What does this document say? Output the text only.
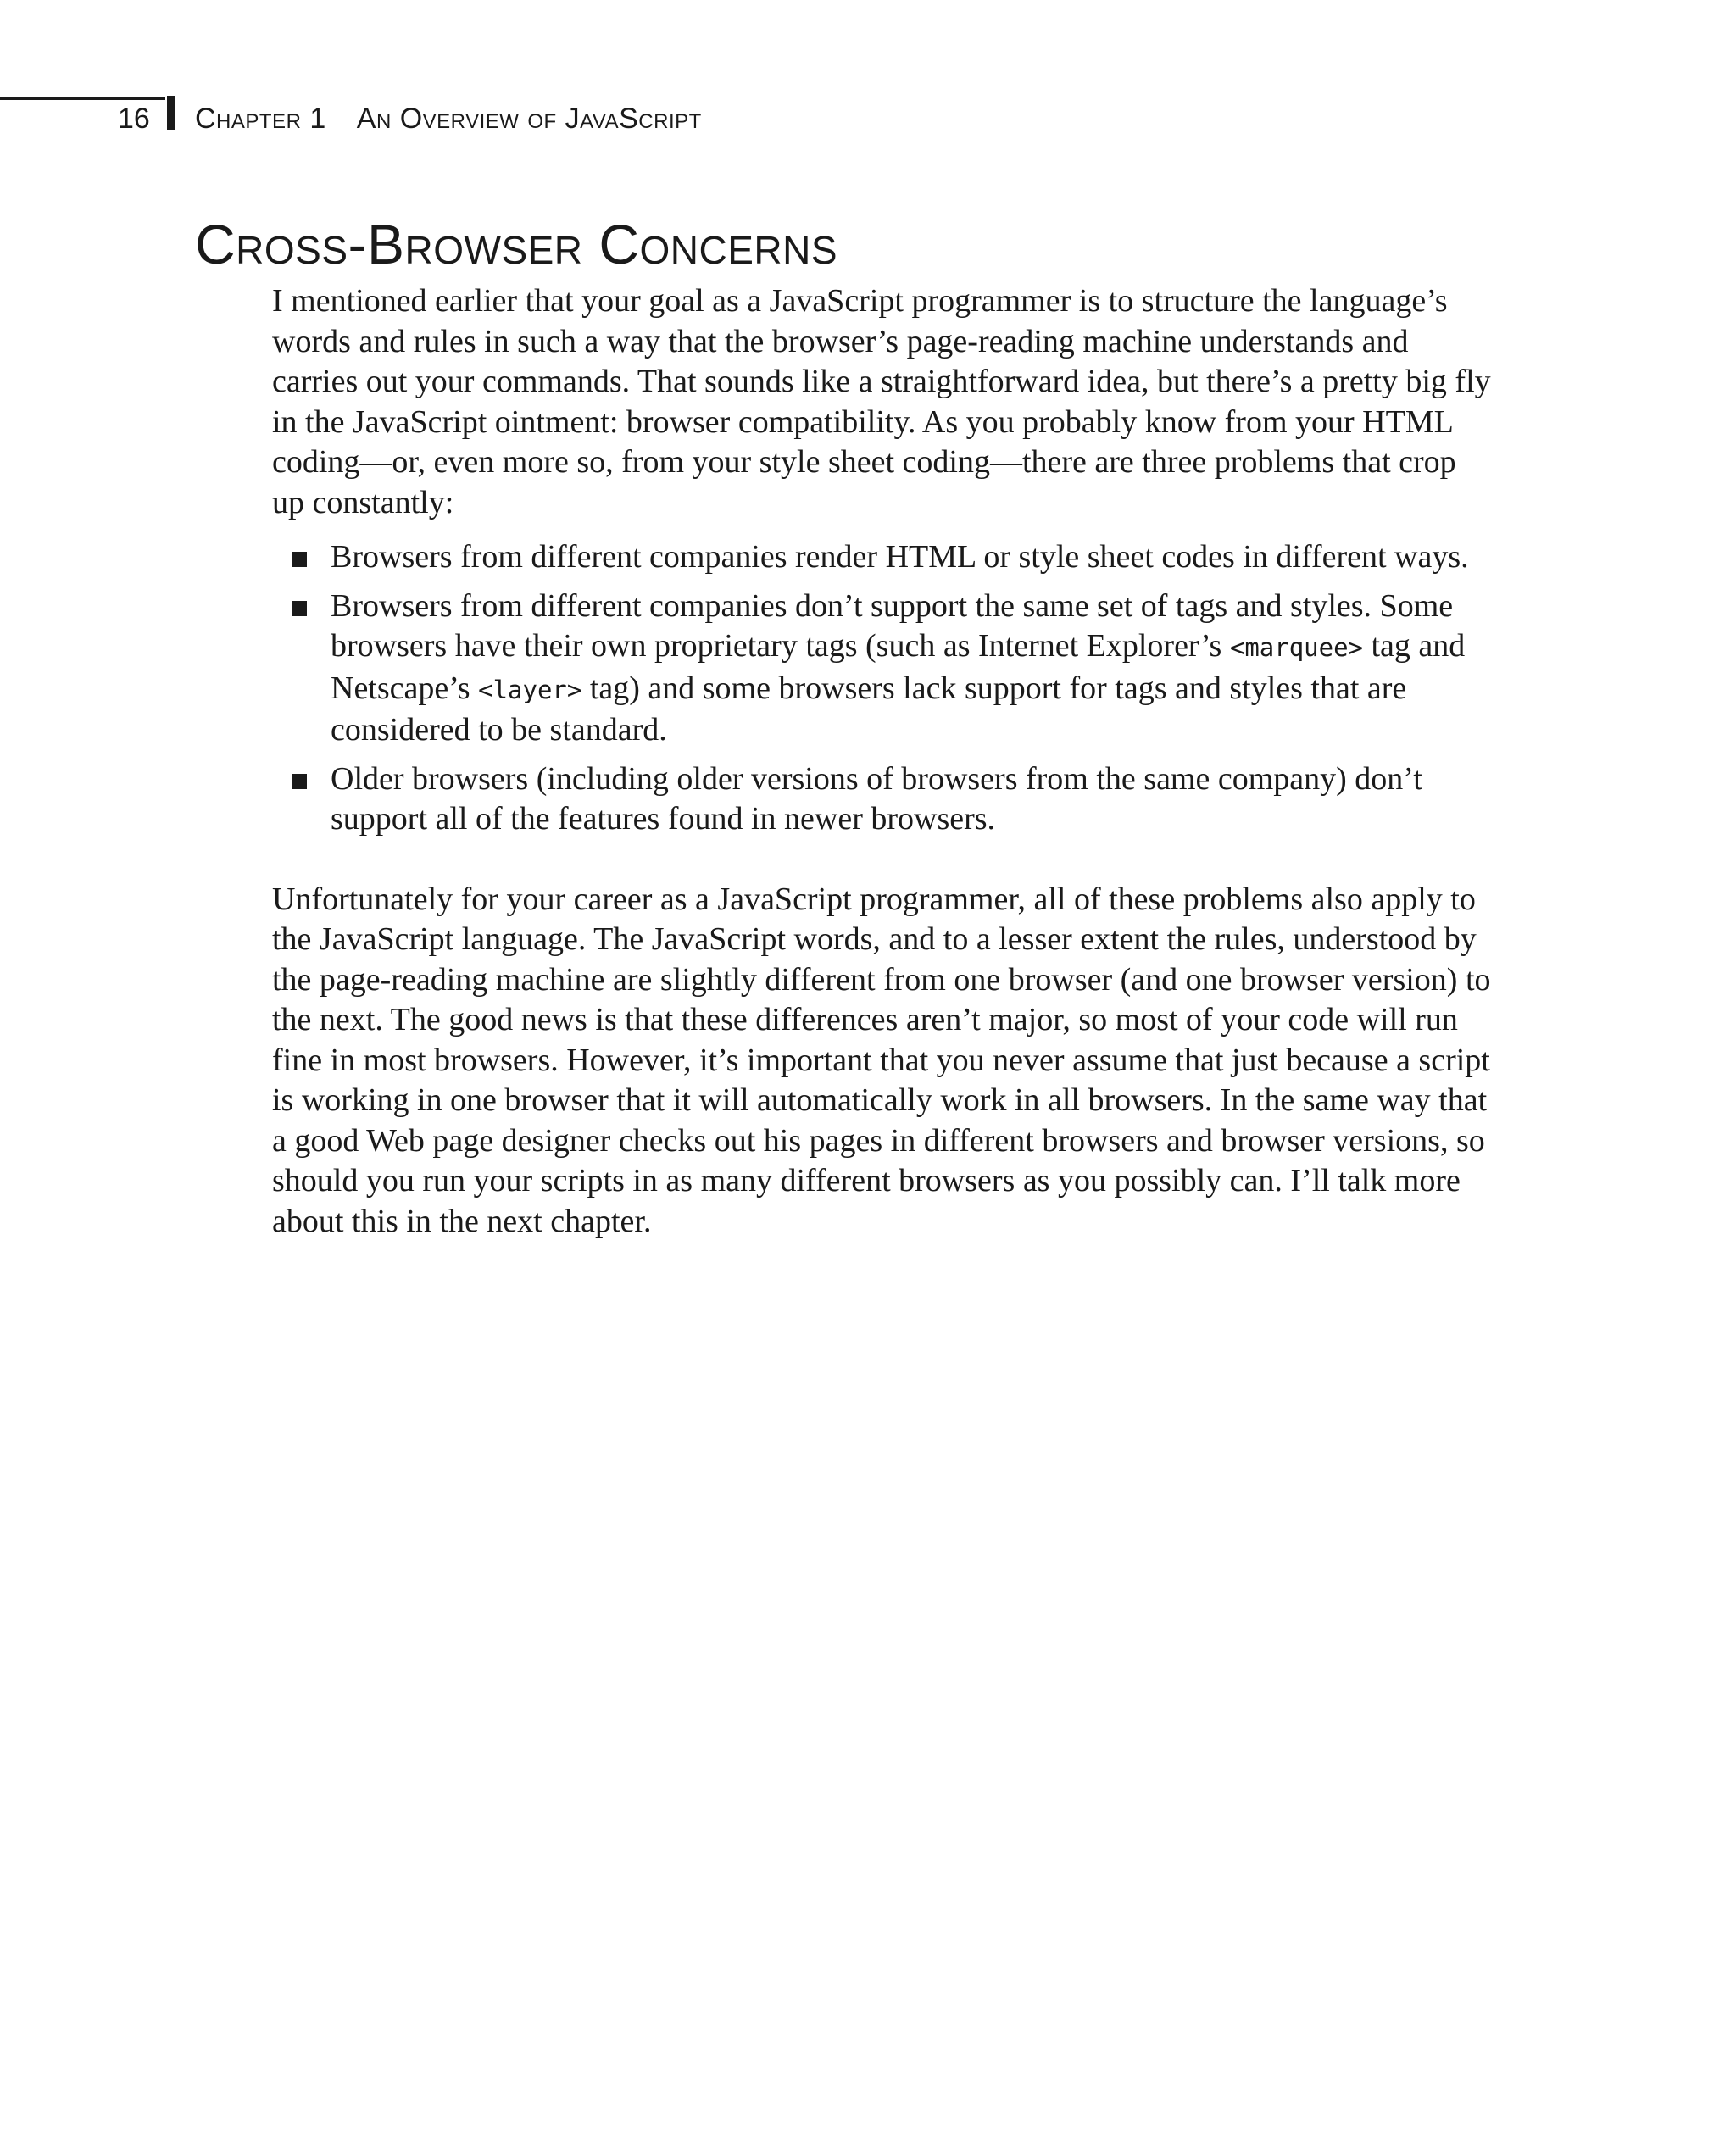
16 Chapter 1 An Overview of JavaScript
Cross-Browser Concerns

I mentioned earlier that your goal as a JavaScript programmer is to structure the language’s words and rules in such a way that the browser’s page-reading machine understands and carries out your commands. That sounds like a straightforward idea, but there’s a pretty big fly in the JavaScript ointment: browser compatibility. As you probably know from your HTML coding—or, even more so, from your style sheet coding—there are three problems that crop up constantly:

Browsers from different companies render HTML or style sheet codes in different ways.
Browsers from different companies don’t support the same set of tags and styles. Some browsers have their own proprietary tags (such as Internet Explorer’s <marquee> tag and Netscape’s <layer> tag) and some browsers lack support for tags and styles that are considered to be standard.
Older browsers (including older versions of browsers from the same company) don’t support all of the features found in newer browsers.

Unfortunately for your career as a JavaScript programmer, all of these problems also apply to the JavaScript language. The JavaScript words, and to a lesser extent the rules, understood by the page-reading machine are slightly different from one browser (and one browser version) to the next. The good news is that these differences aren’t major, so most of your code will run fine in most browsers. However, it’s important that you never assume that just because a script is working in one browser that it will automatically work in all browsers. In the same way that a good Web page designer checks out his pages in different browsers and browser versions, so should you run your scripts in as many different browsers as you possibly can. I’ll talk more about this in the next chapter.
